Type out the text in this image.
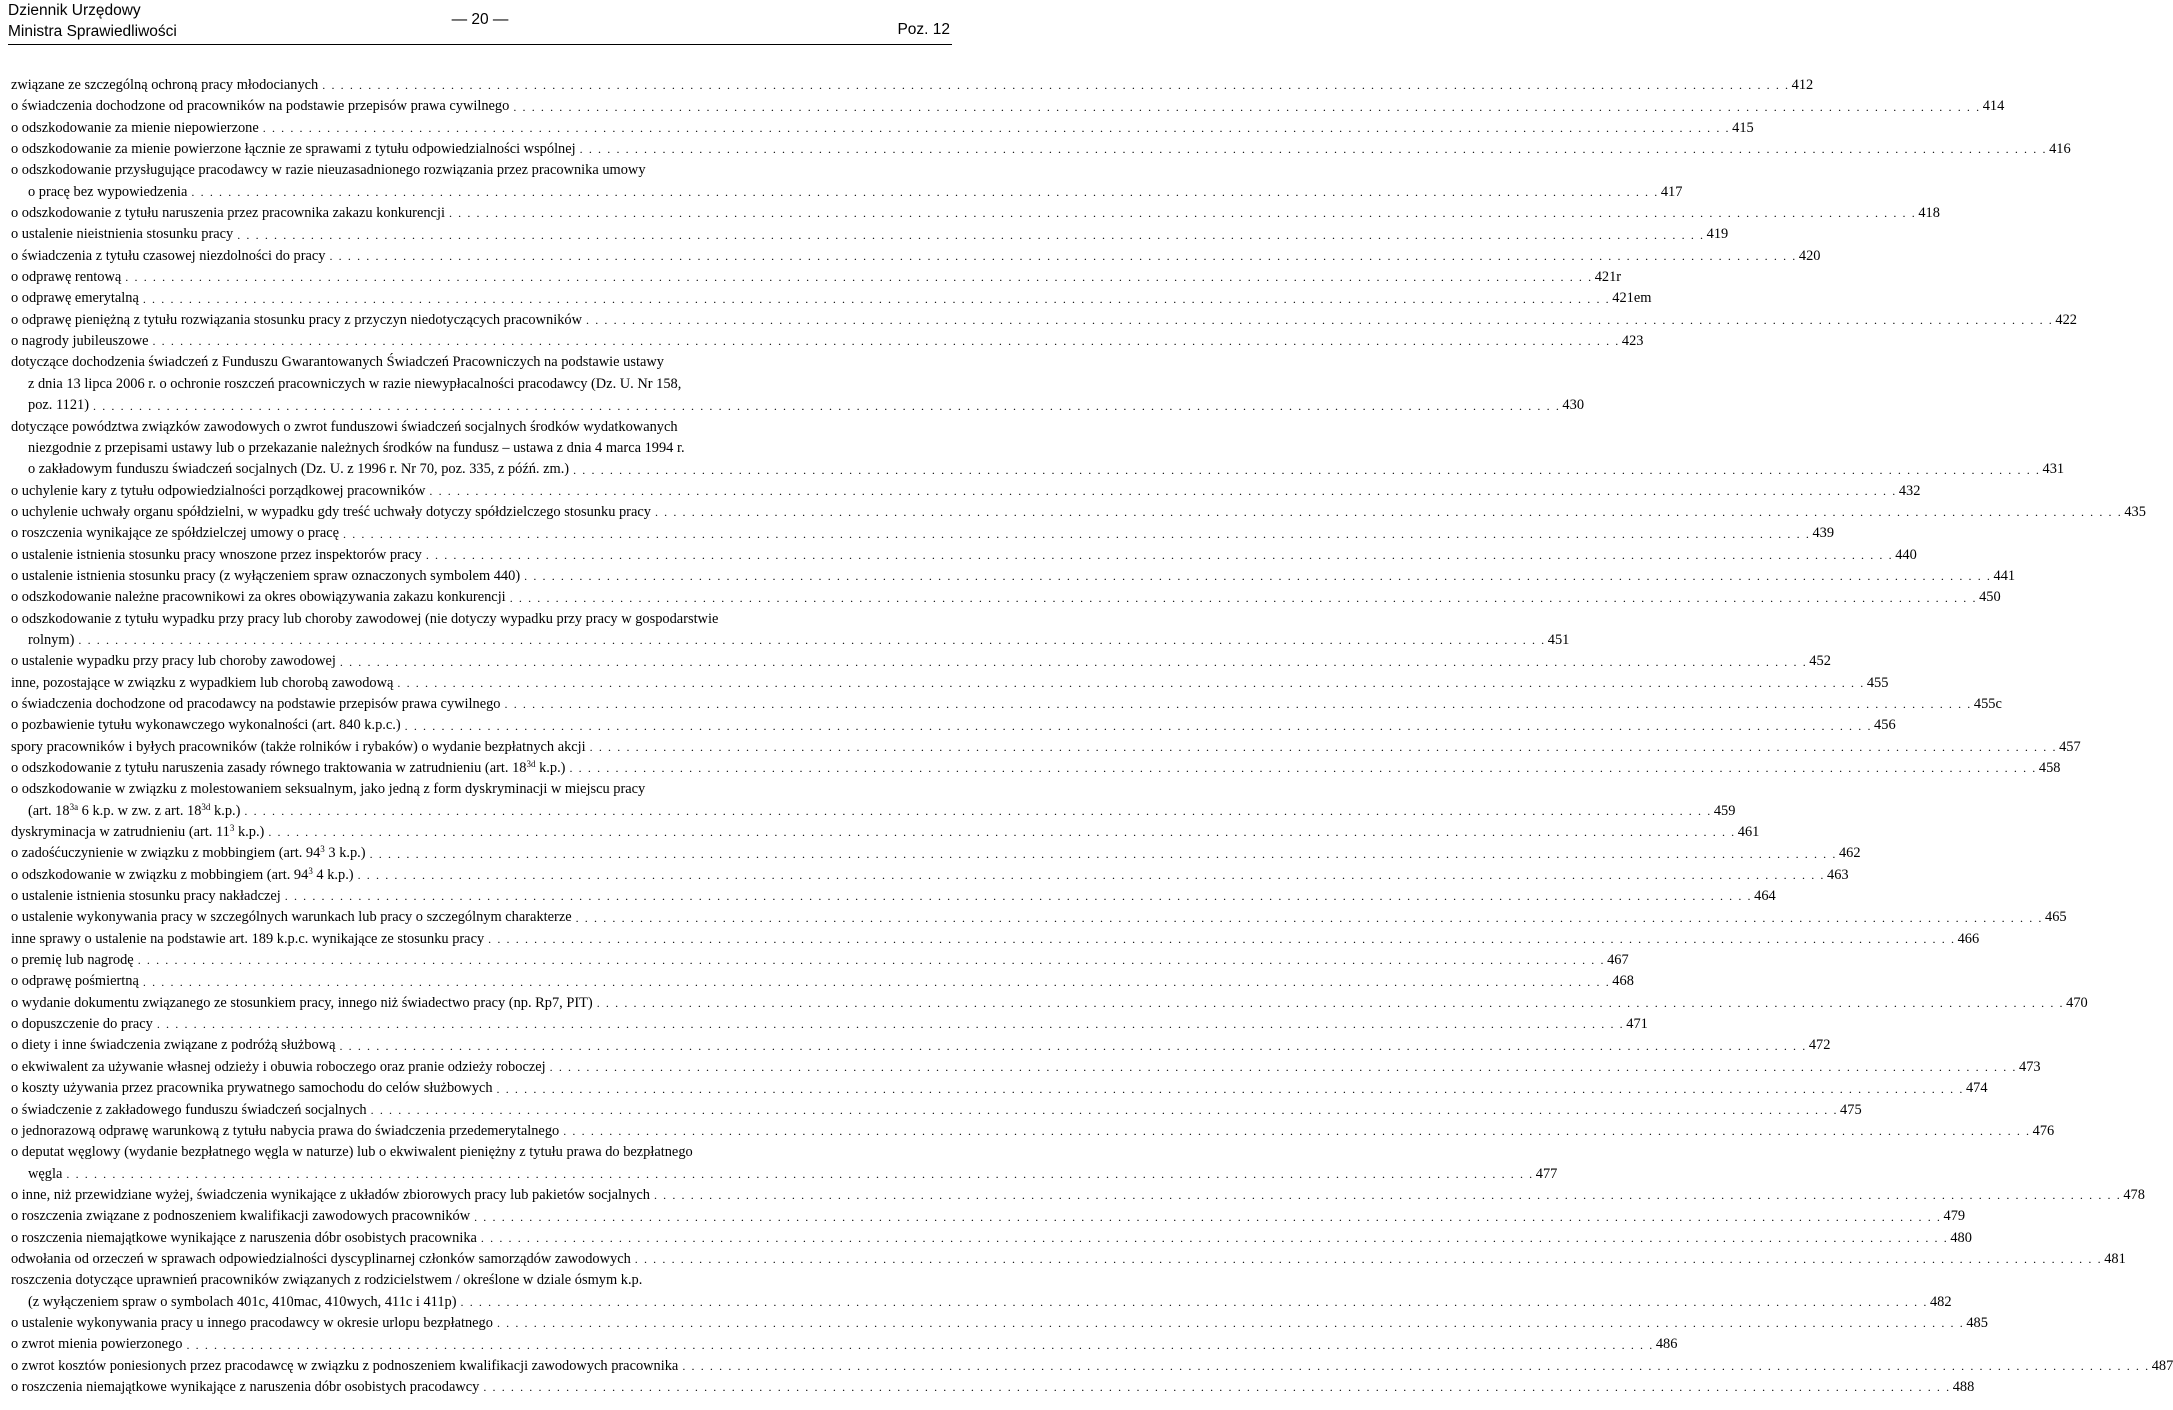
Dziennik Urzędowy
Ministra Sprawiedliwości
— 20 —
Poz. 12
związane ze szczególną ochroną pracy młodocianych . . .	412
o świadczenia dochodzone od pracowników na podstawie przepisów prawa cywilnego . . .	414
o odszkodowanie za mienie niepowierzone . . .	415
o odszkodowanie za mienie powierzone łącznie ze sprawami z tytułu odpowiedzialności wspólnej . . .	416
o odszkodowanie przysługujące pracodawcy w razie nieuzasadnionego rozwiązania przez pracownika umowy
o pracę bez wypowiedzenia . . .	417
o odszkodowanie z tytułu naruszenia przez pracownika zakazu konkurencji . . .	418
o ustalenie nieistnienia stosunku pracy . . .	419
o świadczenia z tytułu czasowej niezdolności do pracy . . .	420
o odprawę rentową . . .	421r
o odprawę emerytalną . . .	421em
o odprawę pieniężną z tytułu rozwiązania stosunku pracy z przyczyn niedotyczących pracowników . . .	422
o nagrody jubileuszowe . . .	423
dotyczące dochodzenia świadczeń z Funduszu Gwarantowanych Świadczeń Pracowniczych na podstawie ustawy
z dnia 13 lipca 2006 r. o ochronie roszczeń pracowniczych w razie niewypłacalności pracodawcy (Dz. U. Nr 158,
poz. 1121) . . .	430
dotyczące powództwa związków zawodowych o zwrot funduszowi świadczeń socjalnych środków wydatkowanych
niezgodnie z przepisami ustawy lub o przekazanie należnych środków na fundusz – ustawa z dnia 4 marca 1994 r.
o zakładowym funduszu świadczeń socjalnych (Dz. U. z 1996 r. Nr 70, poz. 335, z późń. zm.) . . .	431
o uchylenie kary z tytułu odpowiedzialności porządkowej pracowników . . .	432
o uchylenie uchwały organu spółdzielni, w wypadku gdy treść uchwały dotyczy spółdzielczego stosunku pracy . . .	435
o roszczenia wynikające ze spółdzielczej umowy o pracę . . .	439
o ustalenie istnienia stosunku pracy wnoszone przez inspektorów pracy . . .	440
o ustalenie istnienia stosunku pracy (z wyłączeniem spraw oznaczonych symbolem 440) . . .	441
o odszkodowanie należne pracownikowi za okres obowiązywania zakazu konkurencji . . .	450
o odszkodowanie z tytułu wypadku przy pracy lub choroby zawodowej (nie dotyczy wypadku przy pracy w gospodarstwie
rolnym) . . .	451
o ustalenie wypadku przy pracy lub choroby zawodowej . . .	452
inne, pozostające w związku z wypadkiem lub chorobą zawodową . . .	455
o świadczenia dochodzone od pracodawcy na podstawie przepisów prawa cywilnego . . .	455c
o pozbawienie tytułu wykonawczego wykonalności (art. 840 k.p.c.) . . .	456
spory pracowników i byłych pracowników (także rolników i rybaków) o wydanie bezpłatnych akcji . . .	457
o odszkodowanie z tytułu naruszenia zasady równego traktowania w zatrudnieniu (art. $18^{3d}$ k.p.) . . .	458
o odszkodowanie w związku z molestowaniem seksualnym, jako jedną z form dyskryminacji w miejscu pracy
(art. $18^{3a}$ 6 k.p. w zw. z art. $18^{3d}$ k.p.) . . .	459
dyskryminacja w zatrudnieniu (art. $11^3$ k.p.) . . .	461
o zadośćuczynienie w związku z mobbingiem (art. $94^3$ 3 k.p.) . . .	462
o odszkodowanie w związku z mobbingiem (art. $94^3$ 4 k.p.) . . .	463
o ustalenie istnienia stosunku pracy nakładczej . . .	464
o ustalenie wykonywania pracy w szczególnych warunkach lub pracy o szczególnym charakterze . . .	465
inne sprawy o ustalenie na podstawie art. 189 k.p.c. wynikające ze stosunku pracy . . .	466
o premię lub nagrodę . . .	467
o odprawę pośmiertną . . .	468
o wydanie dokumentu związanego ze stosunkiem pracy, innego niż świadectwo pracy (np. Rp7, PIT) . . .	470
o dopuszczenie do pracy . . .	471
o diety i inne świadczenia związane z podróżą służbową . . .	472
o ekwiwalent za używanie własnej odzieży i obuwia roboczego oraz pranie odzieży roboczej . . .	473
o koszty używania przez pracownika prywatnego samochodu do celów służbowych . . .	474
o świadczenie z zakładowego funduszu świadczeń socjalnych . . .	475
o jednorazową odprawę warunkową z tytułu nabycia prawa do świadczenia przedemerytalnego . . .	476
o deputat węglowy (wydanie bezpłatnego węgla w naturze) lub o ekwiwalent pieniężny z tytułu prawa do bezpłatnego
węgla . . .	477
o inne, niż przewidziane wyżej, świadczenia wynikające z układów zbiorowych pracy lub pakietów socjalnych . . .	478
o roszczenia związane z podnoszeniem kwalifikacji zawodowych pracowników . . .	479
o roszczenia niemajątkowe wynikające z naruszenia dóbr osobistych pracownika . . .	480
odwołania od orzeczeń w sprawach odpowiedzialności dyscyplinarnej członków samorządów zawodowych . . .	481
roszczenia dotyczące uprawnień pracowników związanych z rodzicielstwem / określone w dziale ósmym k.p.
(z wyłączeniem spraw o symbolach 401c, 410mac, 410wych, 411c i 411p) . . .	482
o ustalenie wykonywania pracy u innego pracodawcy w okresie urlopu bezpłatnego . . .	485
o zwrot mienia powierzonego . . .	486
o zwrot kosztów poniesionych przez pracodawcę w związku z podnoszeniem kwalifikacji zawodowych pracownika . . .	487
o roszczenia niemajątkowe wynikające z naruszenia dóbr osobistych pracodawcy . . .	488
